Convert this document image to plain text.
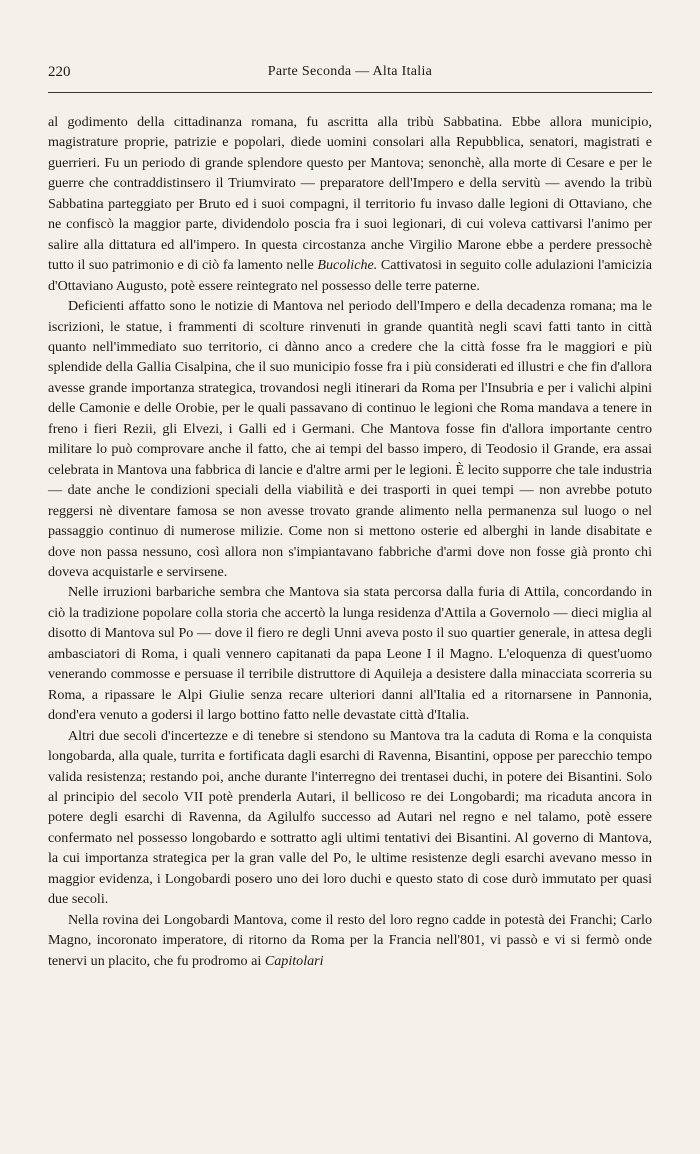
220	Parte Seconda — Alta Italia

al godimento della cittadinanza romana, fu ascritta alla tribù Sabbatina. Ebbe allora municipio, magistrature proprie, patrizie e popolari, diede uomini consolari alla Repubblica, senatori, magistrati e guerrieri. Fu un periodo di grande splendore questo per Mantova; senonchè, alla morte di Cesare e per le guerre che contraddistinsero il Triumvirato — preparatore dell'Impero e della servitù — avendo la tribù Sabbatina parteggiato per Bruto ed i suoi compagni, il territorio fu invaso dalle legioni di Ottaviano, che ne confiscò la maggior parte, dividendolo poscia fra i suoi legionari, di cui voleva cattivarsi l'animo per salire alla dittatura ed all'impero. In questa circostanza anche Virgilio Marone ebbe a perdere pressochè tutto il suo patrimonio e di ciò fa lamento nelle Bucoliche. Cattivatosi in seguito colle adulazioni l'amicizia d'Ottaviano Augusto, potè essere reintegrato nel possesso delle terre paterne.

Deficienti affatto sono le notizie di Mantova nel periodo dell'Impero e della decadenza romana; ma le iscrizioni, le statue, i frammenti di scolture rinvenuti in grande quantità negli scavi fatti tanto in città quanto nell'immediato suo territorio, ci dànno anco a credere che la città fosse fra le maggiori e più splendide della Gallia Cisalpina, che il suo municipio fosse fra i più considerati ed illustri e che fin d'allora avesse grande importanza strategica, trovandosi negli itinerari da Roma per l'Insubria e per i valichi alpini delle Camonie e delle Orobie, per le quali passavano di continuo le legioni che Roma mandava a tenere in freno i fieri Rezii, gli Elvezi, i Galli ed i Germani. Che Mantova fosse fin d'allora importante centro militare lo può comprovare anche il fatto, che ai tempi del basso impero, di Teodosio il Grande, era assai celebrata in Mantova una fabbrica di lancie e d'altre armi per le legioni. È lecito supporre che tale industria — date anche le condizioni speciali della viabilità e dei trasporti in quei tempi — non avrebbe potuto reggersi nè diventare famosa se non avesse trovato grande alimento nella permanenza sul luogo o nel passaggio continuo di numerose milizie. Come non si mettono osterie ed alberghi in lande disabitate e dove non passa nessuno, così allora non s'impiantavano fabbriche d'armi dove non fosse già pronto chi doveva acquistarle e servirsene.

Nelle irruzioni barbariche sembra che Mantova sia stata percorsa dalla furia di Attila, concordando in ciò la tradizione popolare colla storia che accertò la lunga residenza d'Attila a Governolo — dieci miglia al disotto di Mantova sul Po — dove il fiero re degli Unni aveva posto il suo quartier generale, in attesa degli ambasciatori di Roma, i quali vennero capitanati da papa Leone I il Magno. L'eloquenza di quest'uomo venerando commosse e persuase il terribile distruttore di Aquileja a desistere dalla minacciata scorreria su Roma, a ripassare le Alpi Giulie senza recare ulteriori danni all'Italia ed a ritornarsene in Pannonia, dond'era venuto a godersi il largo bottino fatto nelle devastate città d'Italia.

Altri due secoli d'incertezze e di tenebre si stendono su Mantova tra la caduta di Roma e la conquista longobarda, alla quale, turrita e fortificata dagli esarchi di Ravenna, Bisantini, oppose per parecchio tempo valida resistenza; restando poi, anche durante l'interregno dei trentasei duchi, in potere dei Bisantini. Solo al principio del secolo VII potè prenderla Autari, il bellicoso re dei Longobardi; ma ricaduta ancora in potere degli esarchi di Ravenna, da Agilulfo successo ad Autari nel regno e nel talamo, potè essere confermato nel possesso longobardo e sottratto agli ultimi tentativi dei Bisantini. Al governo di Mantova, la cui importanza strategica per la gran valle del Po, le ultime resistenze degli esarchi avevano messo in maggior evidenza, i Longobardi posero uno dei loro duchi e questo stato di cose durò immutato per quasi due secoli.

Nella rovina dei Longobardi Mantova, come il resto del loro regno cadde in potestà dei Franchi; Carlo Magno, incoronato imperatore, di ritorno da Roma per la Francia nell'801, vi passò e vi si fermò onde tenervi un placito, che fu prodromo ai Capitolari
